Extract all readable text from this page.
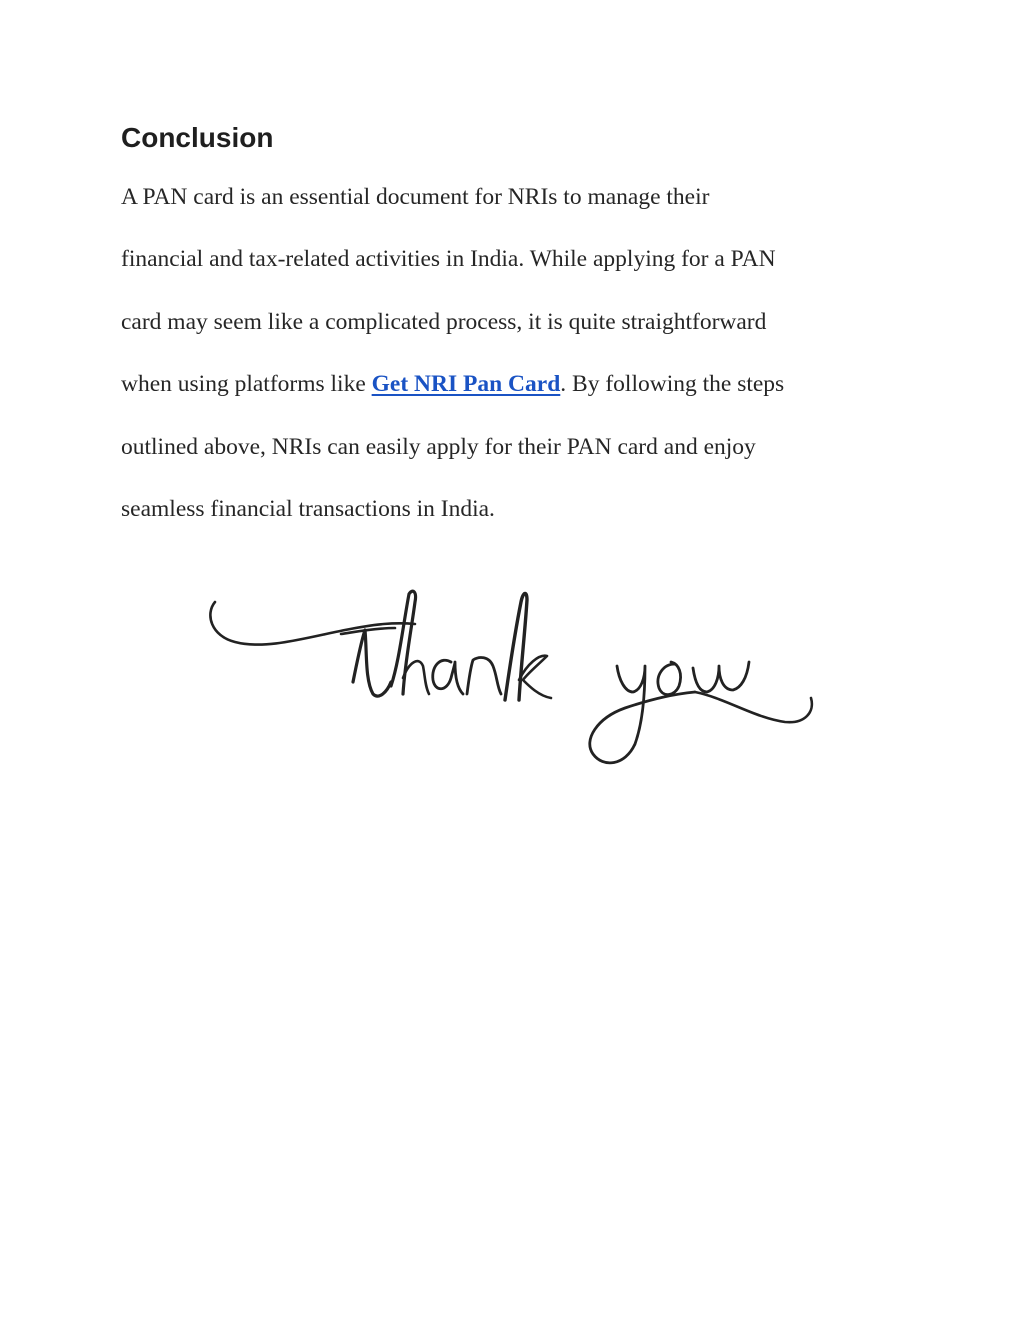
Conclusion

A PAN card is an essential document for NRIs to manage their
financial and tax-related activities in India. While applying for a PAN
card may seem like a complicated process, it is quite straightforward
when using platforms like Get NRI Pan Card. By following the steps
outlined above, NRIs can easily apply for their PAN card and enjoy
seamless financial transactions in India.
